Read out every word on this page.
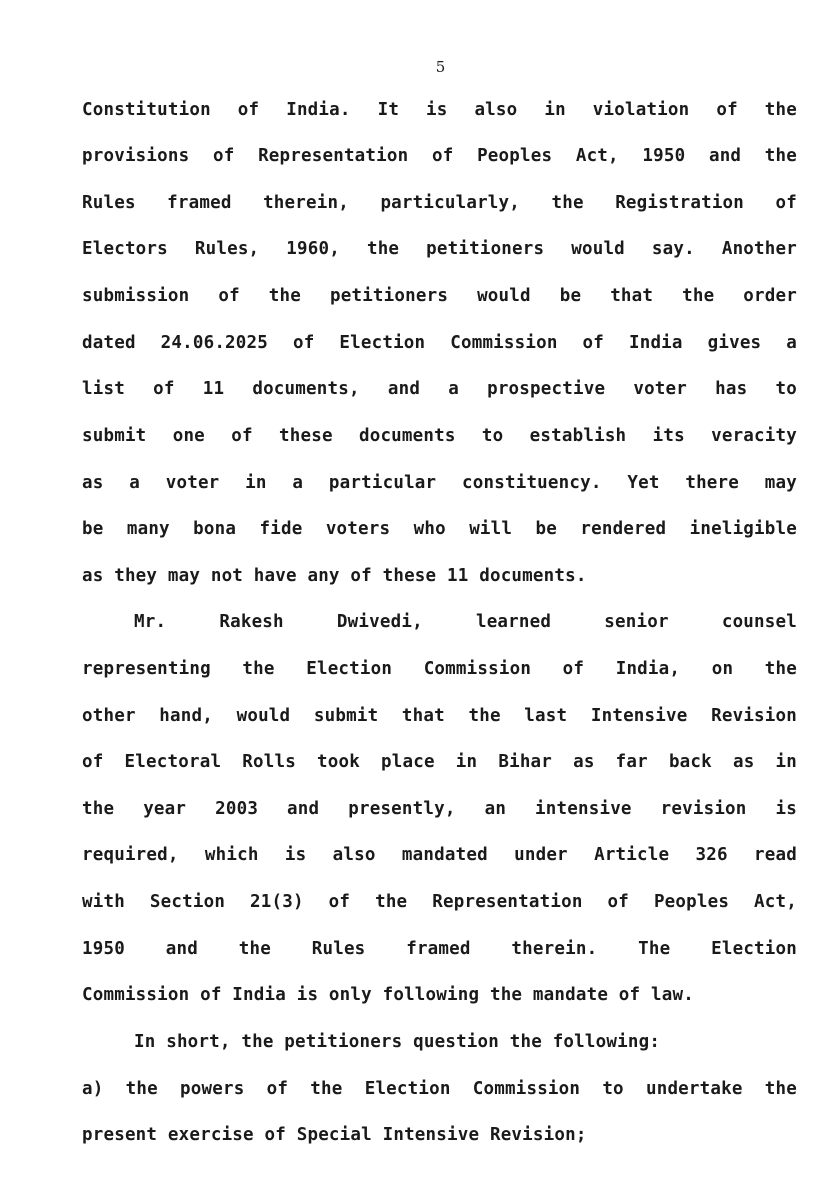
5
Constitution of India. It is also in violation of the
provisions of Representation of Peoples Act, 1950 and the
Rules framed therein, particularly, the Registration of
Electors Rules, 1960, the petitioners would say. Another
submission of the petitioners would be that the order
dated 24.06.2025 of Election Commission of India gives a
list of 11 documents, and a prospective voter has to
submit one of these documents to establish its veracity
as a voter in a particular constituency. Yet there may
be many bona fide voters who will be rendered ineligible
as they may not have any of these 11 documents.
Mr. Rakesh Dwivedi, learned senior counsel
representing the Election Commission of India, on the
other hand, would submit that the last Intensive Revision
of Electoral Rolls took place in Bihar as far back as in
the year 2003 and presently, an intensive revision is
required, which is also mandated under Article 326 read
with Section 21(3) of the Representation of Peoples Act,
1950 and the Rules framed therein. The Election
Commission of India is only following the mandate of law.
In short, the petitioners question the following:
a) the powers of the Election Commission to undertake the
present exercise of Special Intensive Revision;
